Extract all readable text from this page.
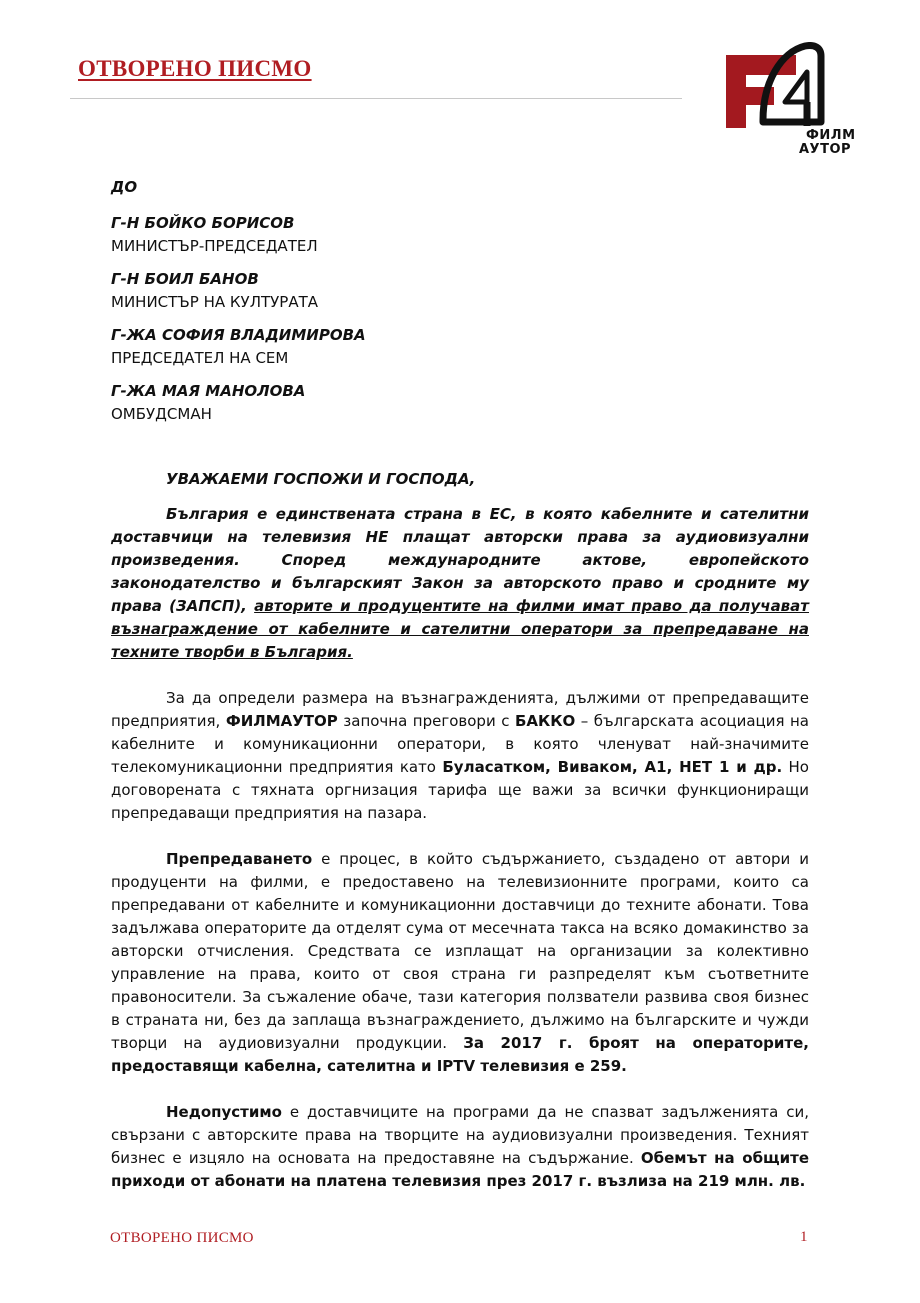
ОТВОРЕНО ПИСМО
ФИЛМ
АУТОР
ДО
Г-Н БОЙКО БОРИСОВ
МИНИСТЪР-ПРЕДСЕДАТЕЛ
Г-Н БОИЛ БАНОВ
МИНИСТЪР НА КУЛТУРАТА
Г-ЖА СОФИЯ ВЛАДИМИРОВА
ПРЕДСЕДАТЕЛ НА СЕМ
Г-ЖА МАЯ МАНОЛОВА
ОМБУДСМАН
УВАЖАЕМИ ГОСПОЖИ И ГОСПОДА,

България е единствената страна в ЕС, в която кабелните и сателитни доставчици на телевизия НЕ плащат авторски права за аудиовизуални произведения. Според международните актове, европейското законодателство и българският Закон за авторското право и сродните му права (ЗАПСП), авторите и продуцентите на филми имат право да получават възнаграждение от кабелните и сателитни оператори за препредаване на техните творби в България.

За да определи размера на възнагражденията, дължими от препредаващите предприятия, ФИЛМАУТОР започна преговори с БАККО – българската асоциация на кабелните и комуникационни оператори, в която членуват най-значимите телекомуникационни предприятия като Буласатком, Виваком, А1, НЕТ 1 и др. Но договорената с тяхната оргнизация тарифа ще важи за всички функциониращи препредаващи предприятия на пазара.

Препредаването е процес, в който съдържанието, създадено от автори и продуценти на филми, е предоставено на телевизионните програми, които са препредавани от кабелните и комуникационни доставчици до техните абонати. Това задължава операторите да отделят сума от месечната такса на всяко домакинство за авторски отчисления. Средствата се изплащат на организации за колективно управление на права, които от своя страна ги разпределят към съответните правоносители. За съжаление обаче, тази категория ползватели развива своя бизнес в страната ни, без да заплаща възнаграждението, дължимо на българските и чужди творци на аудиовизуални продукции. За 2017 г. броят на операторите, предоставящи кабелна, сателитна и IPTV телевизия е 259.

Недопустимо е доставчиците на програми да не спазват задълженията си, свързани с авторските права на творците на аудиовизуални произведения. Техният бизнес е изцяло на основата на предоставяне на съдържание. Обемът на общите приходи от абонати на платена телевизия през 2017 г. възлиза на 219 млн. лв.

ОТВОРЕНО ПИСМО	1
